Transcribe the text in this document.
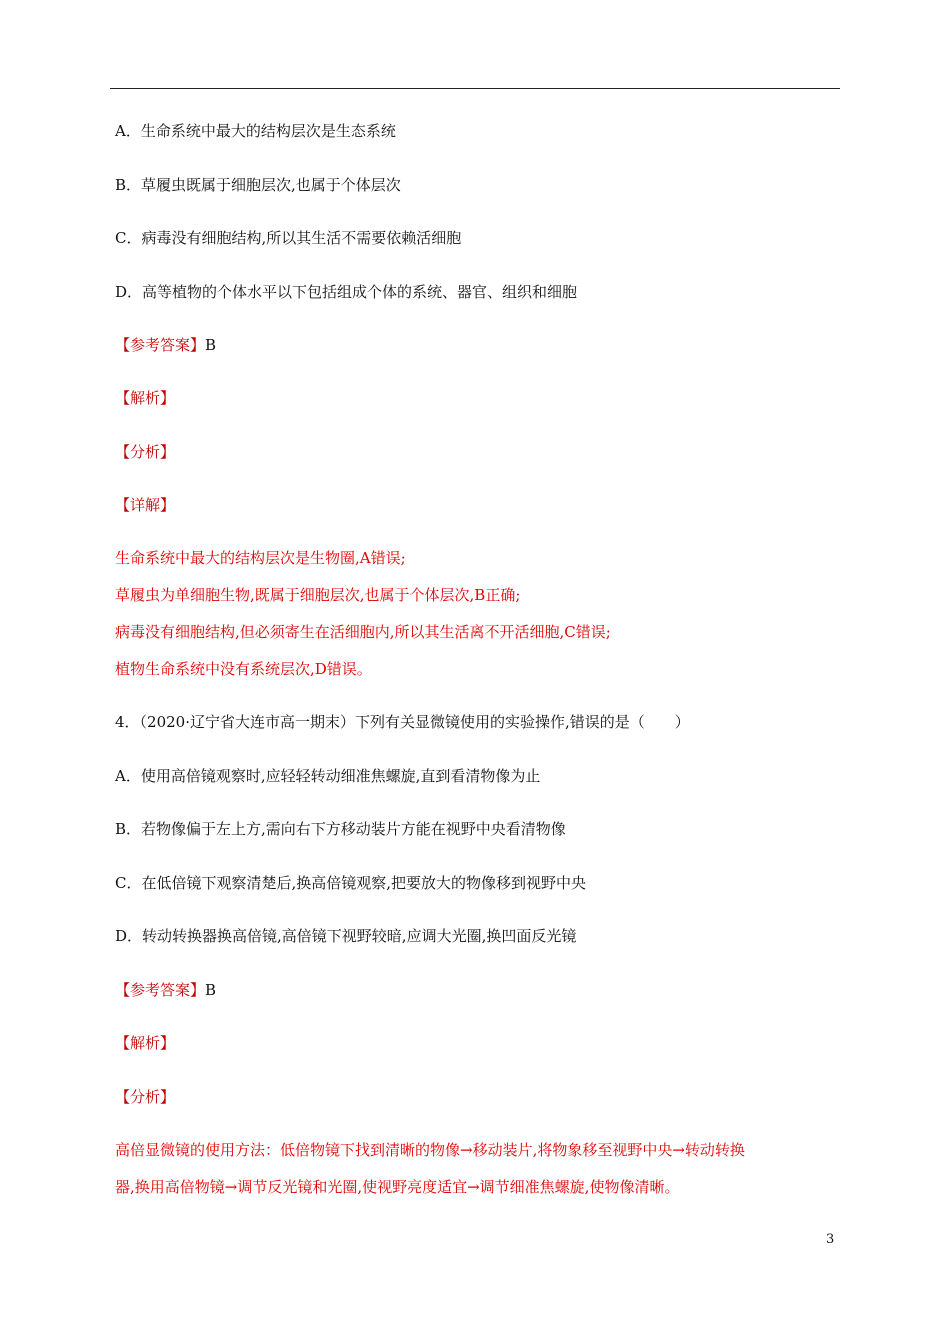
A．生命系统中最大的结构层次是生态系统
B．草履虫既属于细胞层次,也属于个体层次
C．病毒没有细胞结构,所以其生活不需要依赖活细胞
D．高等植物的个体水平以下包括组成个体的系统、器官、组织和细胞
【参考答案】B
【解析】
【分析】
【详解】
生命系统中最大的结构层次是生物圈,A错误;
草履虫为单细胞生物,既属于细胞层次,也属于个体层次,B正确;
病毒没有细胞结构,但必须寄生在活细胞内,所以其生活离不开活细胞,C错误;
植物生命系统中没有系统层次,D错误。
4．（2020·辽宁省大连市高一期末）下列有关显微镜使用的实验操作,错误的是（　　）
A．使用高倍镜观察时,应轻轻转动细准焦螺旋,直到看清物像为止
B．若物像偏于左上方,需向右下方移动装片方能在视野中央看清物像
C．在低倍镜下观察清楚后,换高倍镜观察,把要放大的物像移到视野中央
D．转动转换器换高倍镜,高倍镜下视野较暗,应调大光圈,换凹面反光镜
【参考答案】B
【解析】
【分析】
高倍显微镜的使用方法：低倍物镜下找到清晰的物像→移动装片,将物象移至视野中央→转动转换
器,换用高倍物镜→调节反光镜和光圈,使视野亮度适宜→调节细准焦螺旋,使物像清晰。
3
